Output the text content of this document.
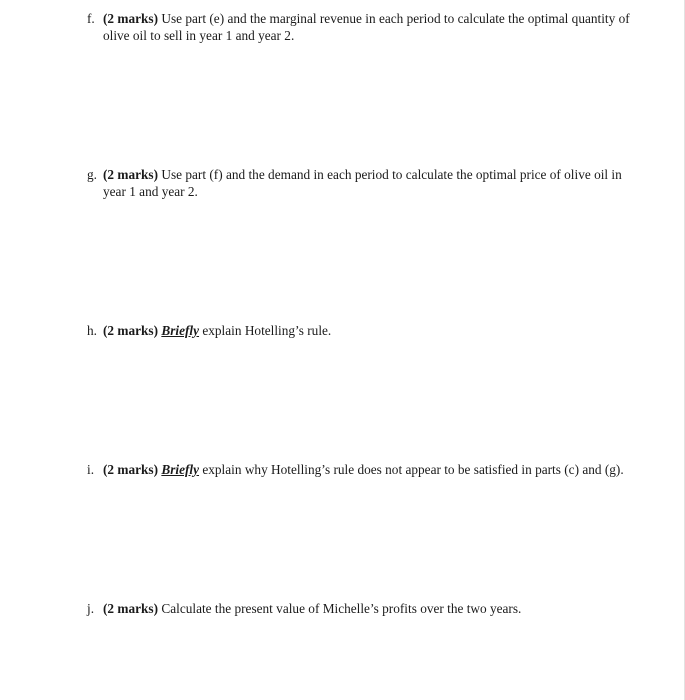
f. (2 marks) Use part (e) and the marginal revenue in each period to calculate the optimal quantity of olive oil to sell in year 1 and year 2.
g. (2 marks) Use part (f) and the demand in each period to calculate the optimal price of olive oil in year 1 and year 2.
h. (2 marks) Briefly explain Hotelling’s rule.
i. (2 marks) Briefly explain why Hotelling’s rule does not appear to be satisfied in parts (c) and (g).
j. (2 marks) Calculate the present value of Michelle’s profits over the two years.
